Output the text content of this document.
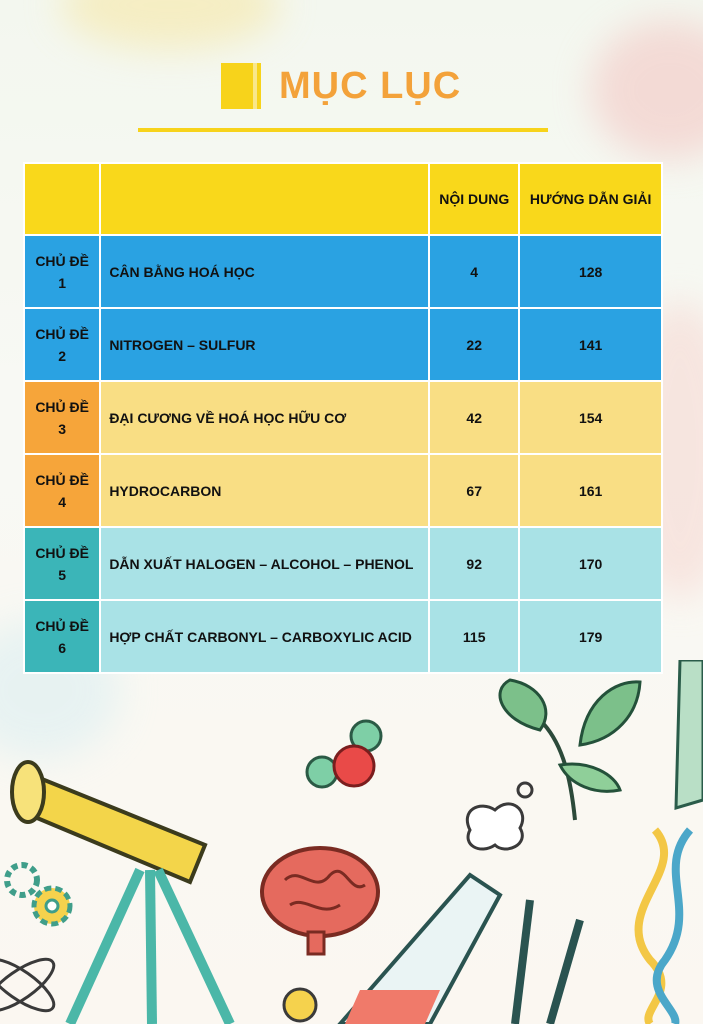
MỤC LỤC
		NỘI DUNG	HƯỚNG DẪN GIẢI
CHỦ ĐỀ
1	CÂN BẰNG HOÁ HỌC	4	128
CHỦ ĐỀ
2	NITROGEN – SULFUR	22	141
CHỦ ĐỀ
3	ĐẠI CƯƠNG VỀ HOÁ HỌC HỮU CƠ	42	154
CHỦ ĐỀ
4	HYDROCARBON	67	161
CHỦ ĐỀ
5	DẪN XUẤT HALOGEN – ALCOHOL – PHENOL	92	170
CHỦ ĐỀ
6	HỢP CHẤT CARBONYL – CARBOXYLIC ACID	115	179
